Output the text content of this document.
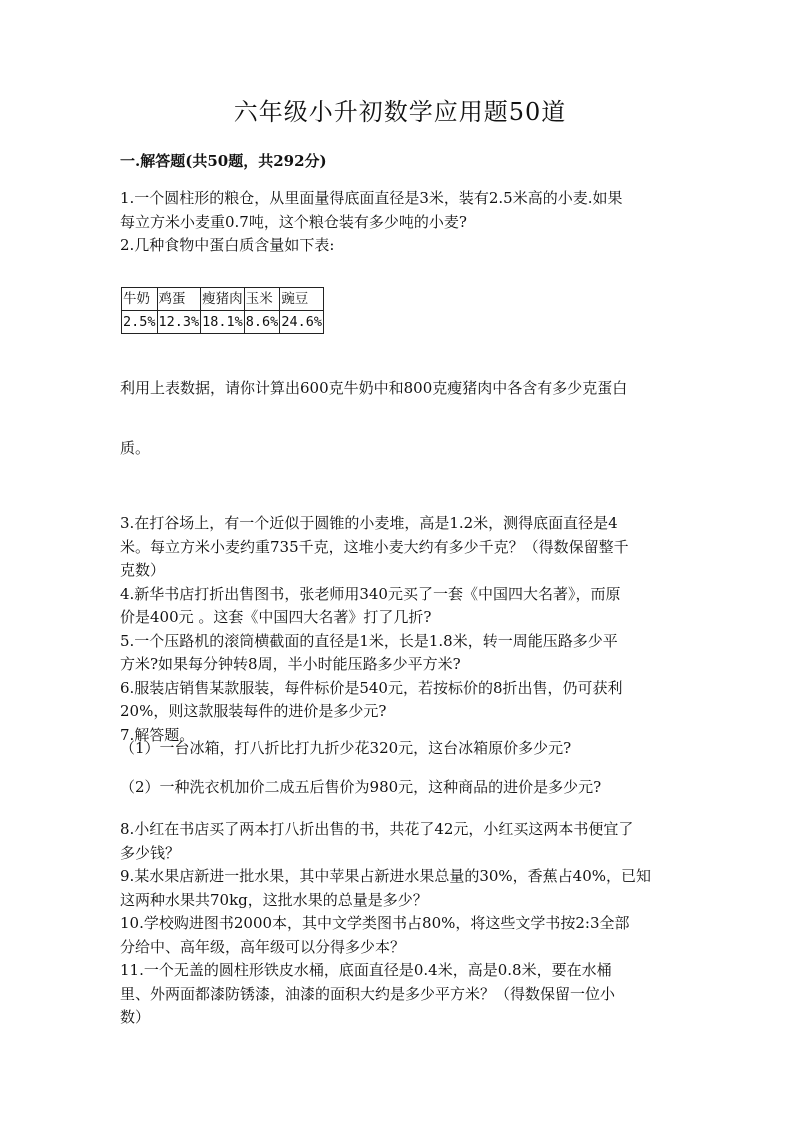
六年级小升初数学应用题50道
一.解答题(共50题，共292分)
1.一个圆柱形的粮仓，从里面量得底面直径是3米，装有2.5米高的小麦.如果
每立方米小麦重0.7吨，这个粮仓装有多少吨的小麦?
2.几种食物中蛋白质含量如下表:
牛奶	鸡蛋	瘦猪肉	玉米	豌豆
2.5%	12.3%	18.1%	8.6%	24.6%
利用上表数据，请你计算出600克牛奶中和800克瘦猪肉中各含有多少克蛋白
质。
3.在打谷场上，有一个近似于圆锥的小麦堆，高是1.2米，测得底面直径是4
米。每立方米小麦约重735千克，这堆小麦大约有多少千克？（得数保留整千
克数）
4.新华书店打折出售图书，张老师用340元买了一套《中国四大名著》，而原
价是400元 。这套《中国四大名著》打了几折?
5.一个压路机的滚筒横截面的直径是1米，长是1.8米，转一周能压路多少平
方米?如果每分钟转8周，半小时能压路多少平方米?
6.服装店销售某款服装，每件标价是540元，若按标价的8折出售，仍可获利
20%，则这款服装每件的进价是多少元?
7.解答题。
（1）一台冰箱，打八折比打九折少花320元，这台冰箱原价多少元?
（2）一种洗衣机加价二成五后售价为980元，这种商品的进价是多少元?
8.小红在书店买了两本打八折出售的书，共花了42元，小红买这两本书便宜了
多少钱？
9.某水果店新进一批水果，其中苹果占新进水果总量的30%，香蕉占40%，已知
这两种水果共70kg，这批水果的总量是多少？
10.学校购进图书2000本，其中文学类图书占80%，将这些文学书按2:3全部
分给中、高年级，高年级可以分得多少本？
11.一个无盖的圆柱形铁皮水桶，底面直径是0.4米，高是0.8米，要在水桶
里、外两面都漆防锈漆，油漆的面积大约是多少平方米？（得数保留一位小
数）
